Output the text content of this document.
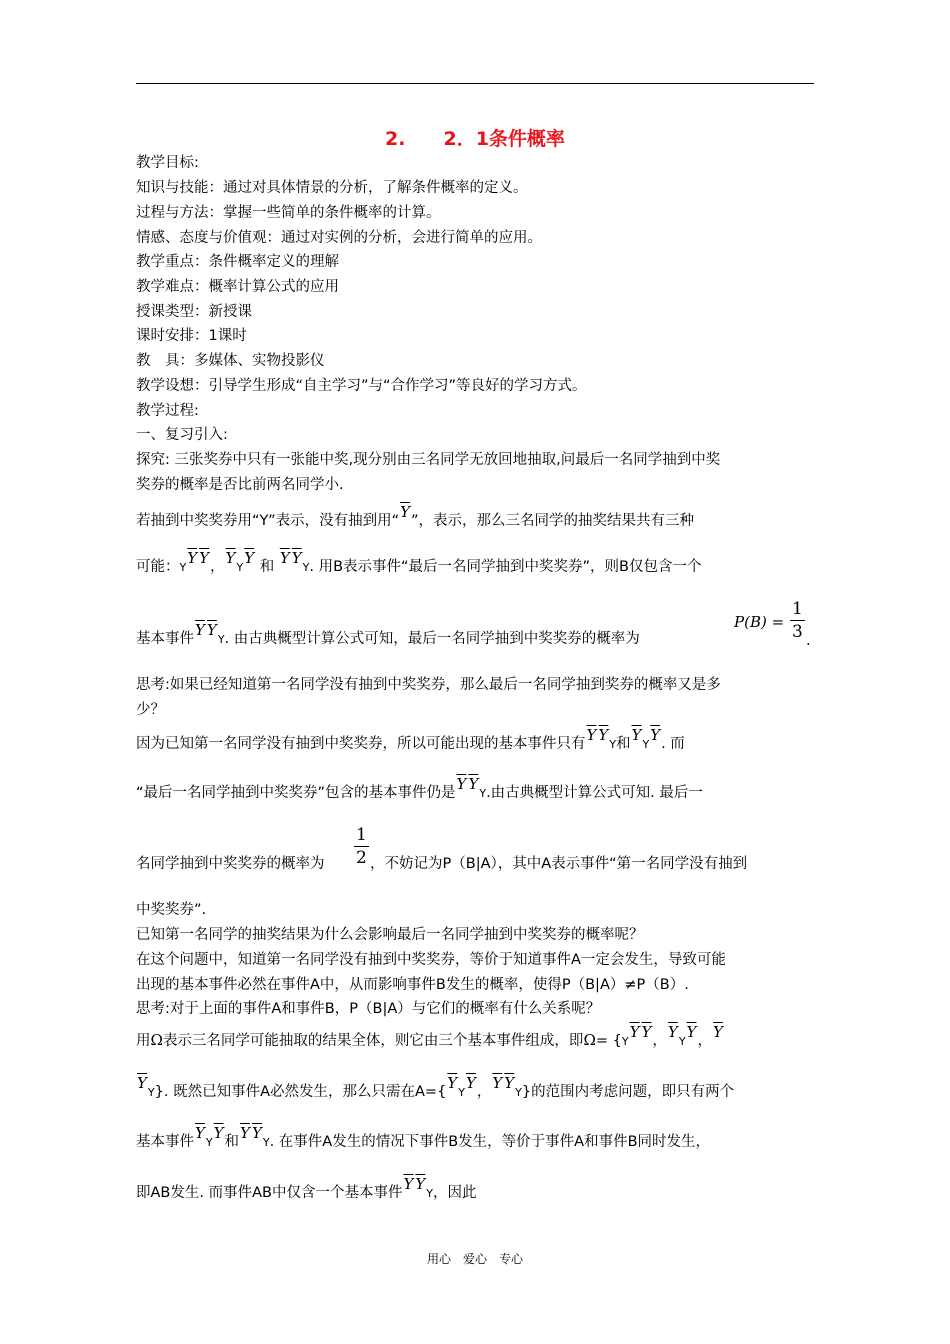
2.　　2．1条件概率
教学目标:
知识与技能：通过对具体情景的分析，了解条件概率的定义。
过程与方法：掌握一些简单的条件概率的计算。
情感、态度与价值观：通过对实例的分析，会进行简单的应用。
教学重点：条件概率定义的理解
教学难点：概率计算公式的应用
授课类型：新授课
课时安排：1课时
教　具：多媒体、实物投影仪
教学设想：引导学生形成“自主学习”与“合作学习”等良好的学习方式。
教学过程:
一、复习引入:
探究: 三张奖券中只有一张能中奖,现分别由三名同学无放回地抽取,问最后一名同学抽到中奖
奖券的概率是否比前两名同学小.
若抽到中奖奖券用“Y”表示，没有抽到用“$\overline{Y}$”，表示，那么三名同学的抽奖结果共有三种
可能：$Y\overline{Y}$ $\overline{Y}$，$\overline{Y}Y\overline{Y}$ 和 $\overline{Y}$ $\overline{Y}Y$. 用B表示事件“最后一名同学抽到中奖奖券”，则B仅包含一个
基本事件$\overline{Y}$ $\overline{Y}Y$. 由古典概型计算公式可知，最后一名同学抽到中奖奖券的概率为
$P(B) = \frac{1}{3}$ .
思考:如果已经知道第一名同学没有抽到中奖奖券，那么最后一名同学抽到奖券的概率又是多
少？
因为已知第一名同学没有抽到中奖奖券，所以可能出现的基本事件只有$\overline{Y}$ $\overline{Y}Y$和$\overline{Y}Y\overline{Y}$. 而
“最后一名同学抽到中奖奖券”包含的基本事件仍是$\overline{Y}$ $\overline{Y}Y$.由古典概型计算公式可知. 最后一
名同学抽到中奖奖券的概率为 $\frac{1}{2}$ ，不妨记为P（B|A），其中A表示事件“第一名同学没有抽到
中奖奖券”.
已知第一名同学的抽奖结果为什么会影响最后一名同学抽到中奖奖券的概率呢？
在这个问题中，知道第一名同学没有抽到中奖奖券，等价于知道事件A一定会发生，导致可能
出现的基本事件必然在事件A中，从而影响事件B发生的概率，使得P（B|A）≠P（B）.
思考:对于上面的事件A和事件B，P（B|A）与它们的概率有什么关系呢？
用Ω表示三名同学可能抽取的结果全体，则它由三个基本事件组成，即$\Omega= \{Y\overline{Y}$ $\overline{Y}$，$\overline{Y}Y\overline{Y}$，$\overline{Y}$
$\overline{Y}Y$}. 既然已知事件A必然发生，那么只需在$A=\{\overline{Y}Y\overline{Y}$，$\overline{Y}$ $\overline{Y}Y$}的范围内考虑问题，即只有两个
基本事件$\overline{Y}Y\overline{Y}$和$\overline{Y}$ $\overline{Y}Y$. 在事件A发生的情况下事件B发生，等价于事件A和事件B同时发生，
即AB发生. 而事件AB中仅含一个基本事件$\overline{Y}$ $\overline{Y}Y$，因此
用心　爱心　专心
